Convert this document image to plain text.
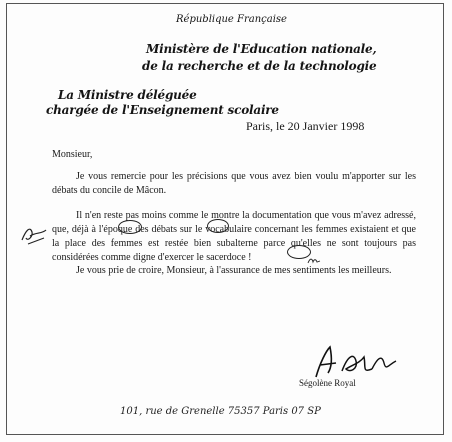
République Française
Ministère de l'Education nationale,
de la recherche et de la technologie
La Ministre déléguée
chargée de l'Enseignement scolaire
Paris, le 20 Janvier 1998
Monsieur,
Je vous remercie pour les précisions que vous avez bien voulu m'apporter sur les débats du concile de Mâcon.
Il n'en reste pas moins comme le montre la documentation que vous m'avez adressé, que, déjà à l'époque des débats sur le vocabulaire concernant les femmes existaient et que la place des femmes est restée bien subalterne parce qu'elles ne sont toujours pas considérées comme digne d'exercer le sacerdoce !
Je vous prie de croire, Monsieur, à l'assurance de mes sentiments les meilleurs.
Ségolène Royal
101, rue de Grenelle 75357 Paris 07 SP
